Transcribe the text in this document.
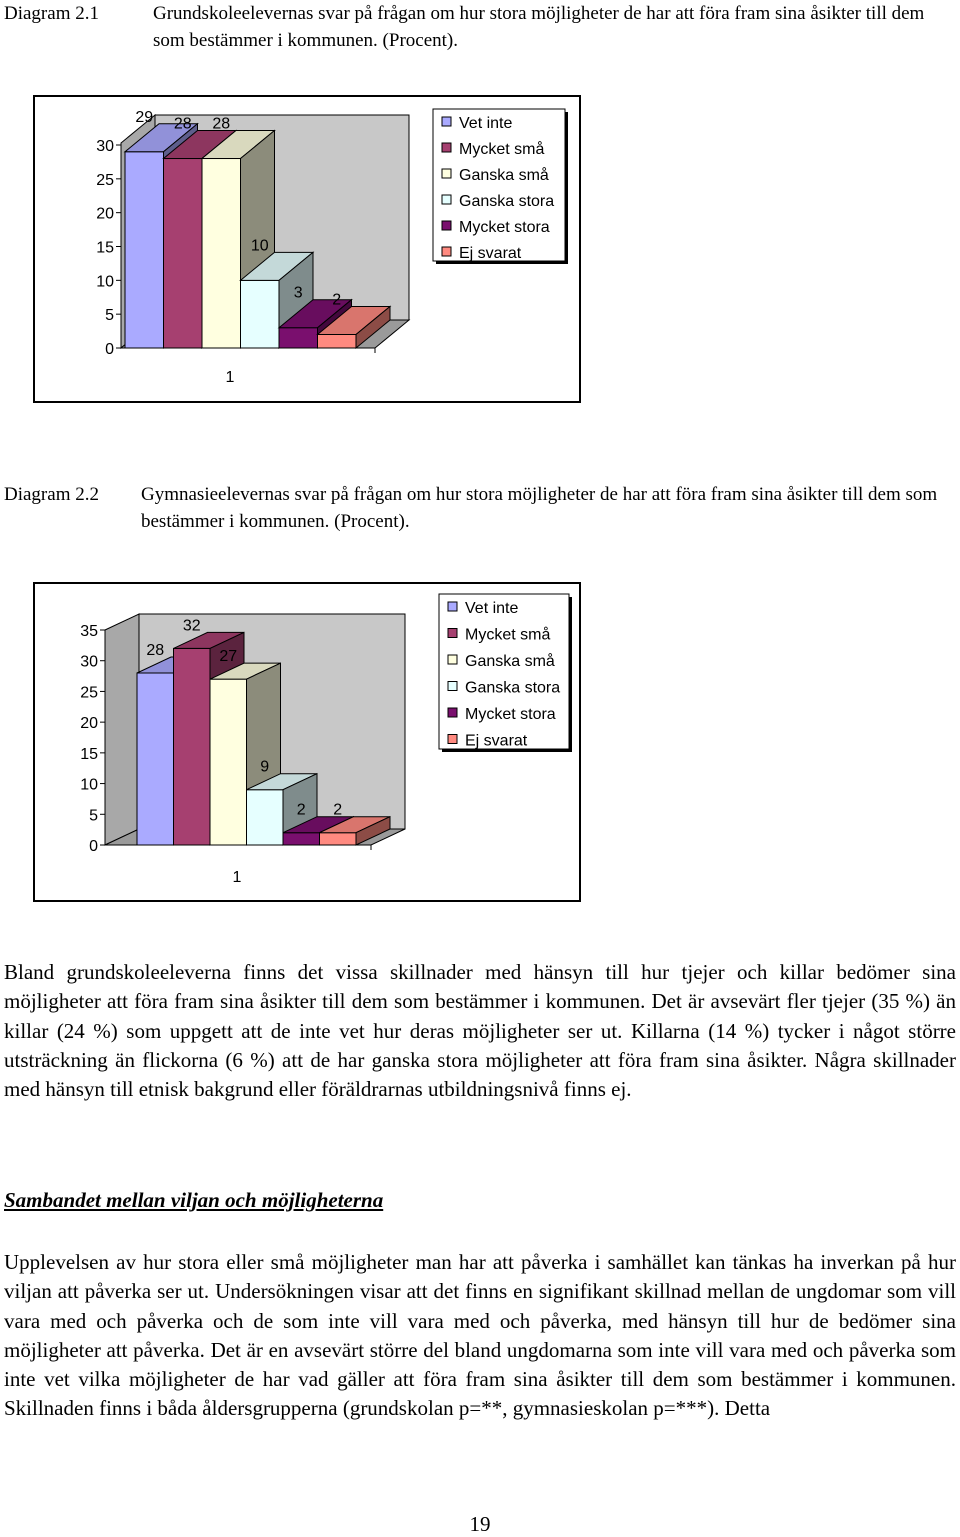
Diagram 2.1	Grundskoleelevernas svar på frågan om hur stora möjligheter de har att föra fram sina åsikter till dem som bestämmer i kommunen. (Procent).
0
5
10
15
20
25
30
1
29 28 28
10
3 2
Vet inte
Mycket små
Ganska små
Ganska stora
Mycket stora
Ej svarat
Diagram 2.2 Gymnasieelevernas svar på frågan om hur stora möjligheter de har att föra fram sina åsikter till dem som bestämmer i kommunen. (Procent).
0
5
10
15
20
25
30
35
1
28
32
27
9
2 2
Vet inte
Mycket små
Ganska små
Ganska stora
Mycket stora
Ej svarat

Bland grundskoleeleverna finns det vissa skillnader med hänsyn till hur tjejer och killar bedömer sina möjligheter att föra fram sina åsikter till dem som bestämmer i kommunen. Det är avsevärt fler tjejer (35 %) än killar (24 %) som uppgett att de inte vet hur deras möjligheter ser ut. Killarna (14 %) tycker i något större utsträckning än flickorna (6 %) att de har ganska stora möjligheter att föra fram sina åsikter. Några skillnader med hänsyn till etnisk bakgrund eller föräldrarnas utbildningsnivå finns ej.

Sambandet mellan viljan och möjligheterna

Upplevelsen av hur stora eller små möjligheter man har att påverka i samhället kan tänkas ha inverkan på hur viljan att påverka ser ut. Undersökningen visar att det finns en signifikant skillnad mellan de ungdomar som vill vara med och påverka och de som inte vill vara med och påverka, med hänsyn till hur de bedömer sina möjligheter att påverka. Det är en avsevärt större del bland ungdomarna som inte vill vara med och påverka som inte vet vilka möjligheter de har vad gäller att föra fram sina åsikter till dem som bestämmer i kommunen. Skillnaden finns i båda åldersgrupperna (grundskolan p=**, gymnasieskolan p=***). Detta

19
